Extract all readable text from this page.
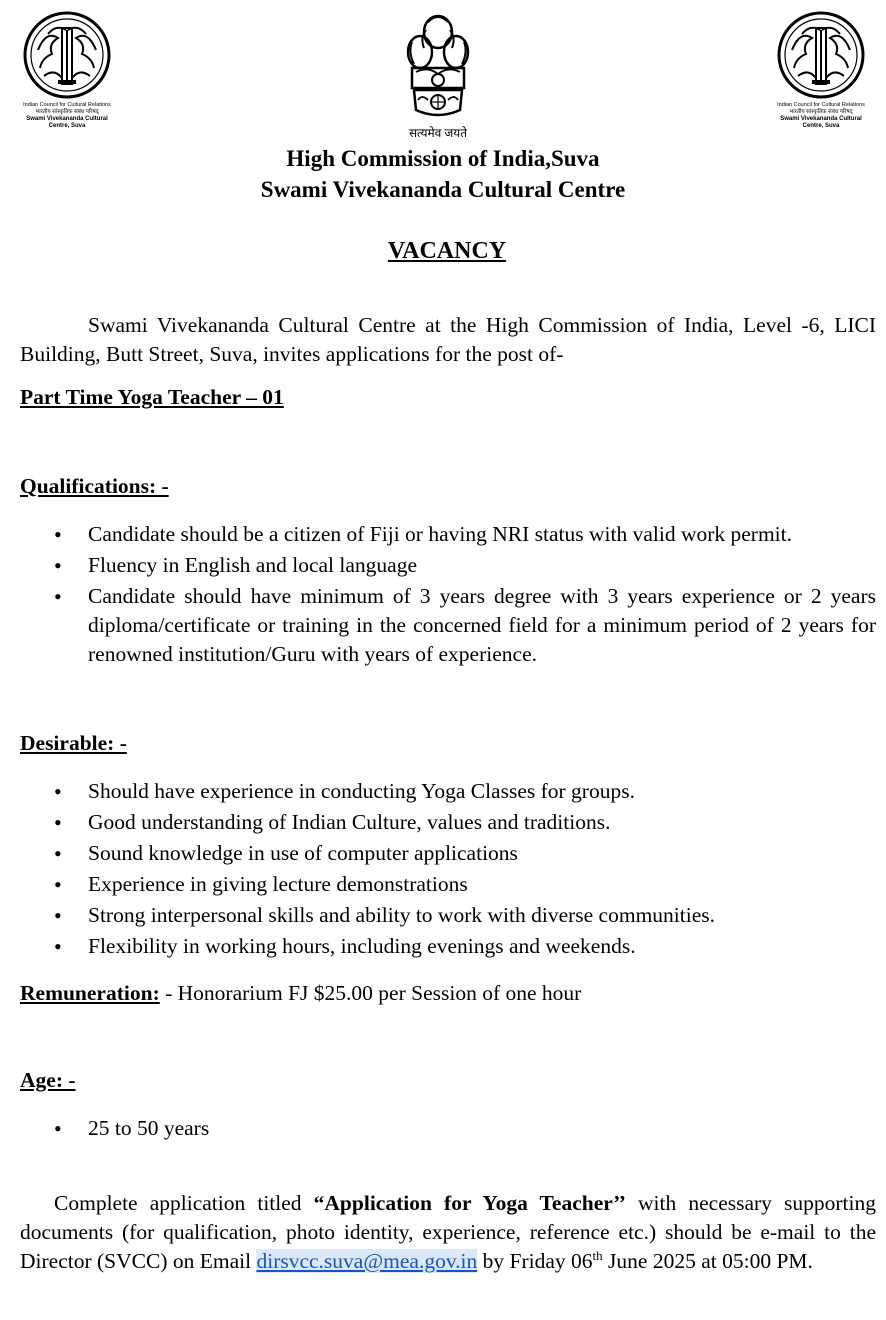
Indian Council for Cultural Relations
भारतीय सांस्कृतिक संबंध परिषद्
Swami Vivekananda Cultural
Centre, Suva	सत्यमेव जयते
Indian Council for Cultural Relations
भारतीय सांस्कृतिक संबंध परिषद्
Swami Vivekananda Cultural
Centre, Suva
High Commission of India,Suva
Swami Vivekananda Cultural Centre
VACANCY
Swami Vivekananda Cultural Centre at the High Commission of India, Level -6, LICI Building, Butt Street, Suva, invites applications for the post of-
Part Time Yoga Teacher – 01
Qualifications: -
• Candidate should be a citizen of Fiji or having NRI status with valid work permit.
• Fluency in English and local language
• Candidate should have minimum of 3 years degree with 3 years experience or 2 years diploma/certificate or training in the concerned field for a minimum period of 2 years for renowned institution/Guru with years of experience.
Desirable: -
• Should have experience in conducting Yoga Classes for groups.
• Good understanding of Indian Culture, values and traditions.
• Sound knowledge in use of computer applications
• Experience in giving lecture demonstrations
• Strong interpersonal skills and ability to work with diverse communities.
• Flexibility in working hours, including evenings and weekends.
Remuneration: - Honorarium FJ $25.00 per Session of one hour
Age: -
• 25 to 50 years
Complete application titled “Application for Yoga Teacher’’ with necessary supporting documents (for qualification, photo identity, experience, reference etc.) should be e-mail to the Director (SVCC) on Email dirsvcc.suva@mea.gov.in by Friday 06th June 2025 at 05:00 PM.
